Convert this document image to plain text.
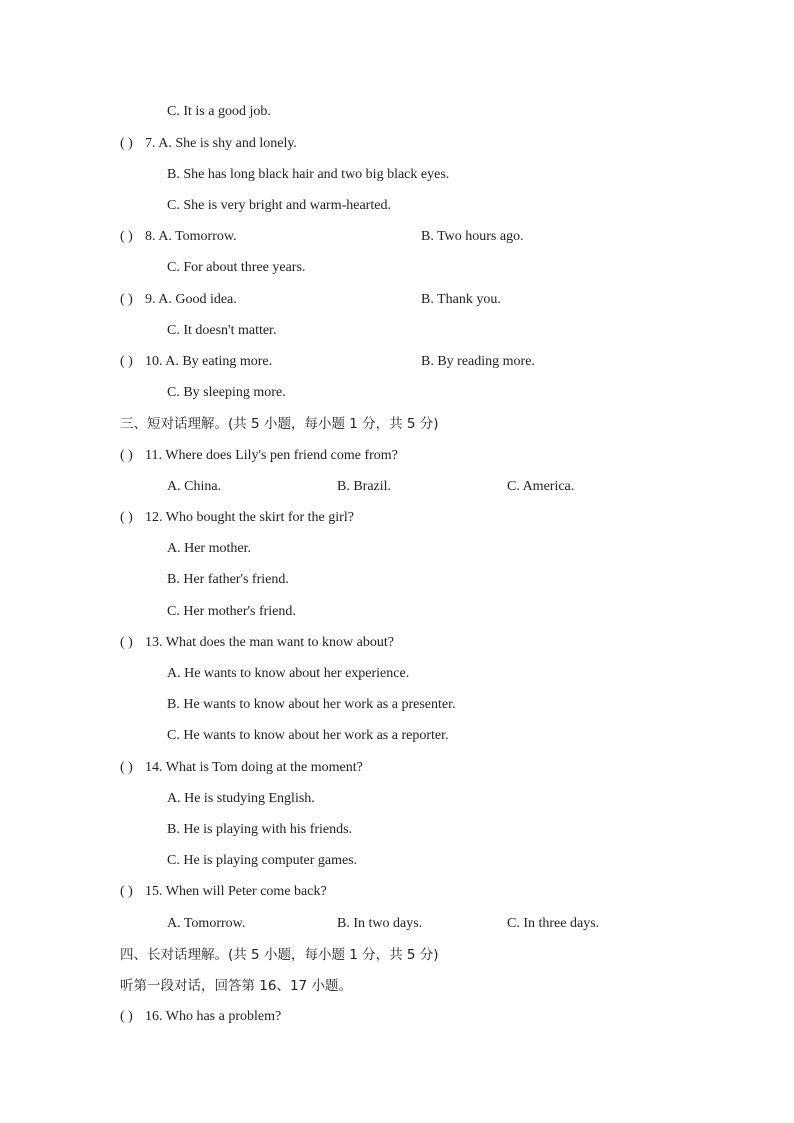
C. It is a good job.
( ) 7. A. She is shy and lonely.
B. She has long black hair and two big black eyes.
C. She is very bright and warm-hearted.
( ) 8. A. Tomorrow.	B. Two hours ago.
C. For about three years.
( ) 9. A. Good idea.	B. Thank you.
C. It doesn't matter.
( ) 10. A. By eating more.	B. By reading more.
C. By sleeping more.
三、短对话理解。(共 5 小题，每小题 1 分，共 5 分)
( ) 11. Where does Lily's pen friend come from?
A. China.	B. Brazil.	C. America.
( ) 12. Who bought the skirt for the girl?
A. Her mother.
B. Her father's friend.
C. Her mother's friend.
( ) 13. What does the man want to know about?
A. He wants to know about her experience.
B. He wants to know about her work as a presenter.
C. He wants to know about her work as a reporter.
( ) 14. What is Tom doing at the moment?
A. He is studying English.
B. He is playing with his friends.
C. He is playing computer games.
( ) 15. When will Peter come back?
A. Tomorrow.	B. In two days.	C. In three days.
四、长对话理解。(共 5 小题，每小题 1 分，共 5 分)
听第一段对话，回答第 16、17 小题。
( ) 16. Who has a problem?
